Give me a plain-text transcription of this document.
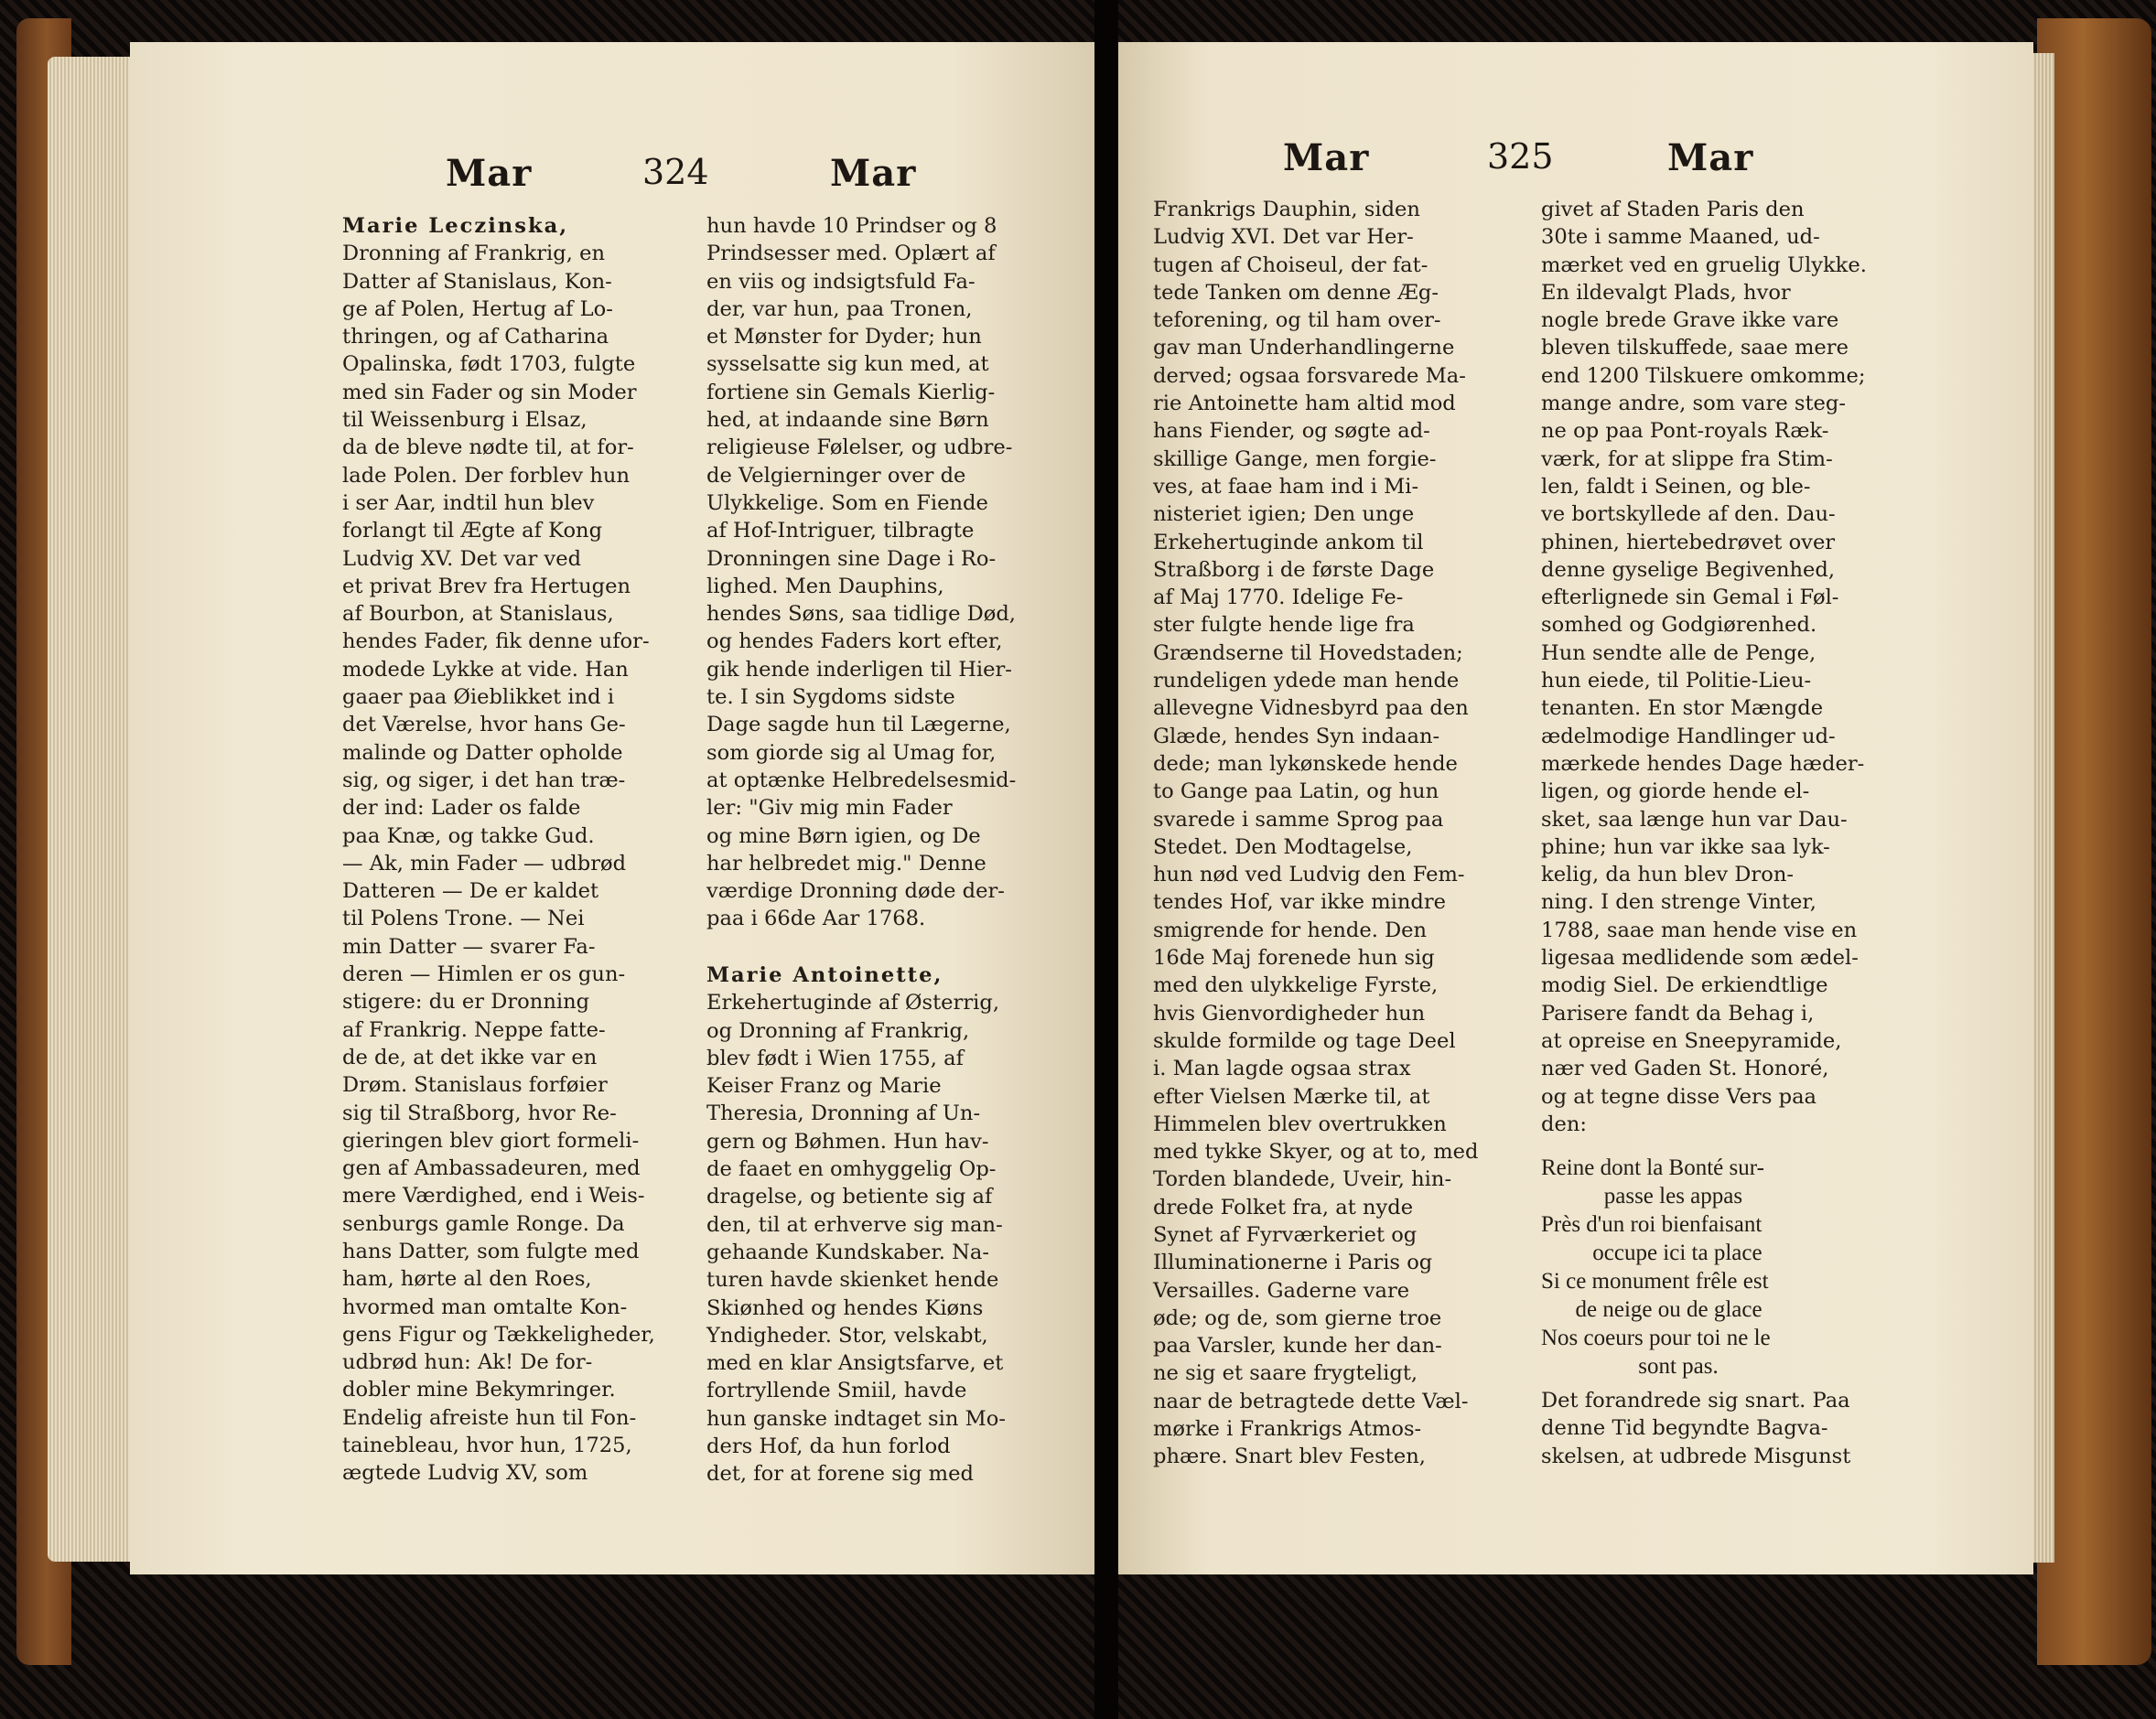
Mar	324	Mar
Marie Leczinska,
Dronning af Frankrig, en
Datter af Stanislaus, Kon-
ge af Polen, Hertug af Lo-
thringen, og af Catharina
Opalinska, født 1703, fulgte
med sin Fader og sin Moder
til Weissenburg i Elsaz,
da de bleve nødte til, at for-
lade Polen. Der forblev hun
i ser Aar, indtil hun blev
forlangt til Ægte af Kong
Ludvig XV. Det var ved
et privat Brev fra Hertugen
af Bourbon, at Stanislaus,
hendes Fader, fik denne ufor-
modede Lykke at vide. Han
gaaer paa Øieblikket ind i
det Værelse, hvor hans Ge-
malinde og Datter opholde
sig, og siger, i det han træ-
der ind: Lader os falde
paa Knæ, og takke Gud.
— Ak, min Fader — udbrød
Datteren — De er kaldet
til Polens Trone. — Nei
min Datter — svarer Fa-
deren — Himlen er os gun-
stigere: du er Dronning
af Frankrig. Neppe fatte-
de de, at det ikke var en
Drøm. Stanislaus forføier
sig til Straßborg, hvor Re-
gieringen blev giort formeli-
gen af Ambassadeuren, med
mere Værdighed, end i Weis-
senburgs gamle Ronge. Da
hans Datter, som fulgte med
ham, hørte al den Roes,
hvormed man omtalte Kon-
gens Figur og Tækkeligheder,
udbrød hun: Ak! De for-
dobler mine Bekymringer.
Endelig afreiste hun til Fon-
tainebleau, hvor hun, 1725,
ægtede Ludvig XV, som
hun havde 10 Prindser og 8
Prindsesser med. Oplært af
en viis og indsigtsfuld Fa-
der, var hun, paa Tronen,
et Mønster for Dyder; hun
sysselsatte sig kun med, at
fortiene sin Gemals Kierlig-
hed, at indaande sine Børn
religieuse Følelser, og udbre-
de Velgierninger over de
Ulykkelige. Som en Fiende
af Hof-Intriguer, tilbragte
Dronningen sine Dage i Ro-
lighed. Men Dauphins,
hendes Søns, saa tidlige Død,
og hendes Faders kort efter,
gik hende inderligen til Hier-
te. I sin Sygdoms sidste
Dage sagde hun til Lægerne,
som giorde sig al Umag for,
at optænke Helbredelsesmid-
ler: "Giv mig min Fader
og mine Børn igien, og De
har helbredet mig." Denne
værdige Dronning døde der-
paa i 66de Aar 1768.
Marie Antoinette,
Erkehertuginde af Østerrig,
og Dronning af Frankrig,
blev født i Wien 1755, af
Keiser Franz og Marie
Theresia, Dronning af Un-
gern og Bøhmen. Hun hav-
de faaet en omhyggelig Op-
dragelse, og betiente sig af
den, til at erhverve sig man-
gehaande Kundskaber. Na-
turen havde skienket hende
Skiønhed og hendes Kiøns
Yndigheder. Stor, velskabt,
med en klar Ansigtsfarve, et
fortryllende Smiil, havde
hun ganske indtaget sin Mo-
ders Hof, da hun forlod
det, for at forene sig med
Mar	325	Mar
Frankrigs Dauphin, siden
Ludvig XVI. Det var Her-
tugen af Choiseul, der fat-
tede Tanken om denne Æg-
teforening, og til ham over-
gav man Underhandlingerne
derved; ogsaa forsvarede Ma-
rie Antoinette ham altid mod
hans Fiender, og søgte ad-
skillige Gange, men forgie-
ves, at faae ham ind i Mi-
nisteriet igien; Den unge
Erkehertuginde ankom til
Straßborg i de første Dage
af Maj 1770. Idelige Fe-
ster fulgte hende lige fra
Grændserne til Hovedstaden;
rundeligen ydede man hende
allevegne Vidnesbyrd paa den
Glæde, hendes Syn indaan-
dede; man lykønskede hende
to Gange paa Latin, og hun
svarede i samme Sprog paa
Stedet. Den Modtagelse,
hun nød ved Ludvig den Fem-
tendes Hof, var ikke mindre
smigrende for hende. Den
16de Maj forenede hun sig
med den ulykkelige Fyrste,
hvis Gienvordigheder hun
skulde formilde og tage Deel
i. Man lagde ogsaa strax
efter Vielsen Mærke til, at
Himmelen blev overtrukken
med tykke Skyer, og at to, med
Torden blandede, Uveir, hin-
drede Folket fra, at nyde
Synet af Fyrværkeriet og
Illuminationerne i Paris og
Versailles. Gaderne vare
øde; og de, som gierne troe
paa Varsler, kunde her dan-
ne sig et saare frygteligt,
naar de betragtede dette Væl-
mørke i Frankrigs Atmos-
phære. Snart blev Festen,
givet af Staden Paris den
30te i samme Maaned, ud-
mærket ved en gruelig Ulykke.
En ildevalgt Plads, hvor
nogle brede Grave ikke vare
bleven tilskuffede, saae mere
end 1200 Tilskuere omkomme;
mange andre, som vare steg-
ne op paa Pont-royals Ræk-
værk, for at slippe fra Stim-
len, faldt i Seinen, og ble-
ve bortskyllede af den. Dau-
phinen, hiertebedrøvet over
denne gyselige Begivenhed,
efterlignede sin Gemal i Føl-
somhed og Godgiørenhed.
Hun sendte alle de Penge,
hun eiede, til Politie-Lieu-
tenanten. En stor Mængde
ædelmodige Handlinger ud-
mærkede hendes Dage hæder-
ligen, og giorde hende el-
sket, saa længe hun var Dau-
phine; hun var ikke saa lyk-
kelig, da hun blev Dron-
ning. I den strenge Vinter,
1788, saae man hende vise en
ligesaa medlidende som ædel-
modig Siel. De erkiendtlige
Parisere fandt da Behag i,
at opreise en Sneepyramide,
nær ved Gaden St. Honoré,
og at tegne disse Vers paa
den:
Reine dont la Bonté sur-
passe les appas
Près d'un roi bienfaisant
occupe ici ta place
Si ce monument frêle est
de neige ou de glace
Nos coeurs pour toi ne le
sont pas.
Det forandrede sig snart. Paa
denne Tid begyndte Bagva-
skelsen, at udbrede Misgunst
